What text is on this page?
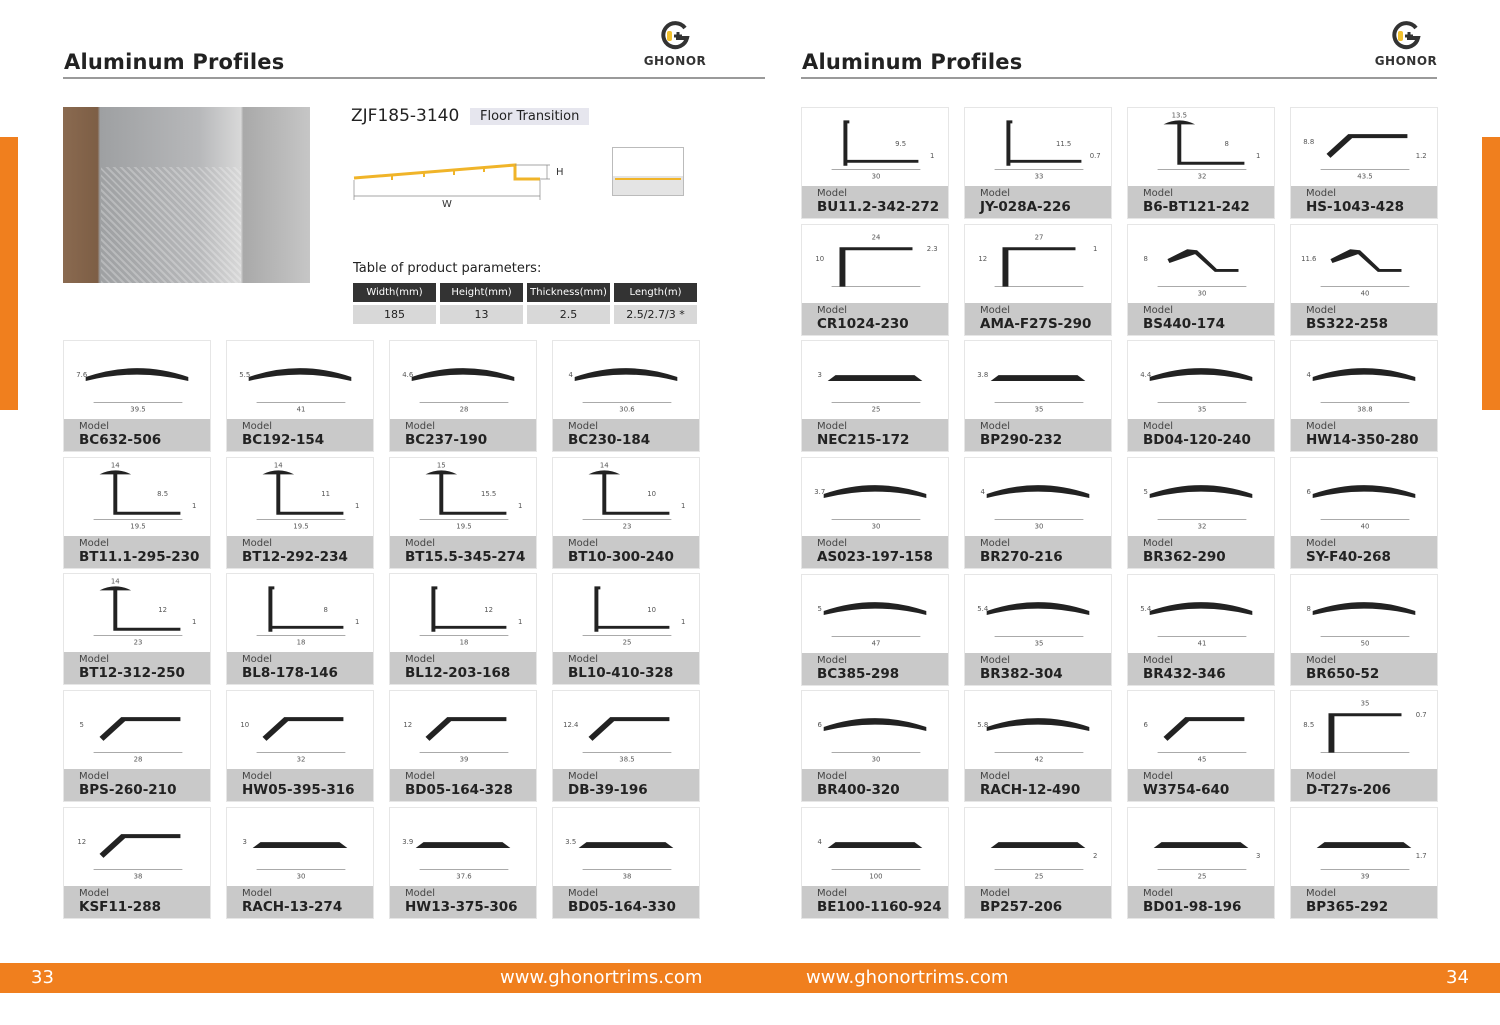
Aluminum Profiles	GHONOR	Aluminum Profiles	GHONOR
ZJF185-3140	Floor Transition
H
W
Table of product parameters:
Width(mm)	Height(mm)	Thickness(mm)	Length(m)
185	13	2.5	2.5/2.7/3 *
39.5
7.6
Model
BC632-506
41
5.5
Model
BC192-154
28
4.6
Model
BC237-190
30.6
4
Model
BC230-184
19.5
8.5
14
1
Model
BT11.1-295-230
19.5
11
14
1
Model
BT12-292-234
19.5
15.5
15
1
Model
BT15.5-345-274
23
10
14
1
Model
BT10-300-240
23
12
14
1
Model
BT12-312-250
18
8
1
Model
BL8-178-146
18
12
1
Model
BL12-203-168
25
10
1
Model
BL10-410-328
28
5
Model
BPS-260-210
32
10
Model
HW05-395-316
39
12
Model
BD05-164-328
38.5
12.4
Model
DB-39-196
38
12
Model
KSF11-288
30
3
Model
RACH-13-274
37.6
3.9
Model
HW13-375-306
38
3.5
Model
BD05-164-330
30
9.5
1
Model
BU11.2-342-272
33
11.5
0.7
Model
JY-028A-226
32
8
13.5
1
Model
B6-BT121-242
43.5
8.8
1.2
Model
HS-1043-428
10
24
2.3
Model
CR1024-230
12
27
1
Model
AMA-F27S-290
30
8
Model
BS440-174
40
11.6
Model
BS322-258
25
3
Model
NEC215-172
35
3.8
Model
BP290-232
35
4.4
Model
BD04-120-240
38.8
4
Model
HW14-350-280
30
3.7
Model
AS023-197-158
30
4
Model
BR270-216
32
5
Model
BR362-290
40
6
Model
SY-F40-268
47
5
Model
BC385-298
35
5.4
Model
BR382-304
41
5.4
Model
BR432-346
50
8
Model
BR650-52
30
6
Model
BR400-320
42
5.8
Model
RACH-12-490
45
6
Model
W3754-640
8.5
35
0.7
Model
D-T27s-206
100
4
Model
BE100-1160-924
25
2
Model
BP257-206
25
3
Model
BD01-98-196
39
1.7
Model
BP365-292
33	www.ghonortrims.com	www.ghonortrims.com	34
